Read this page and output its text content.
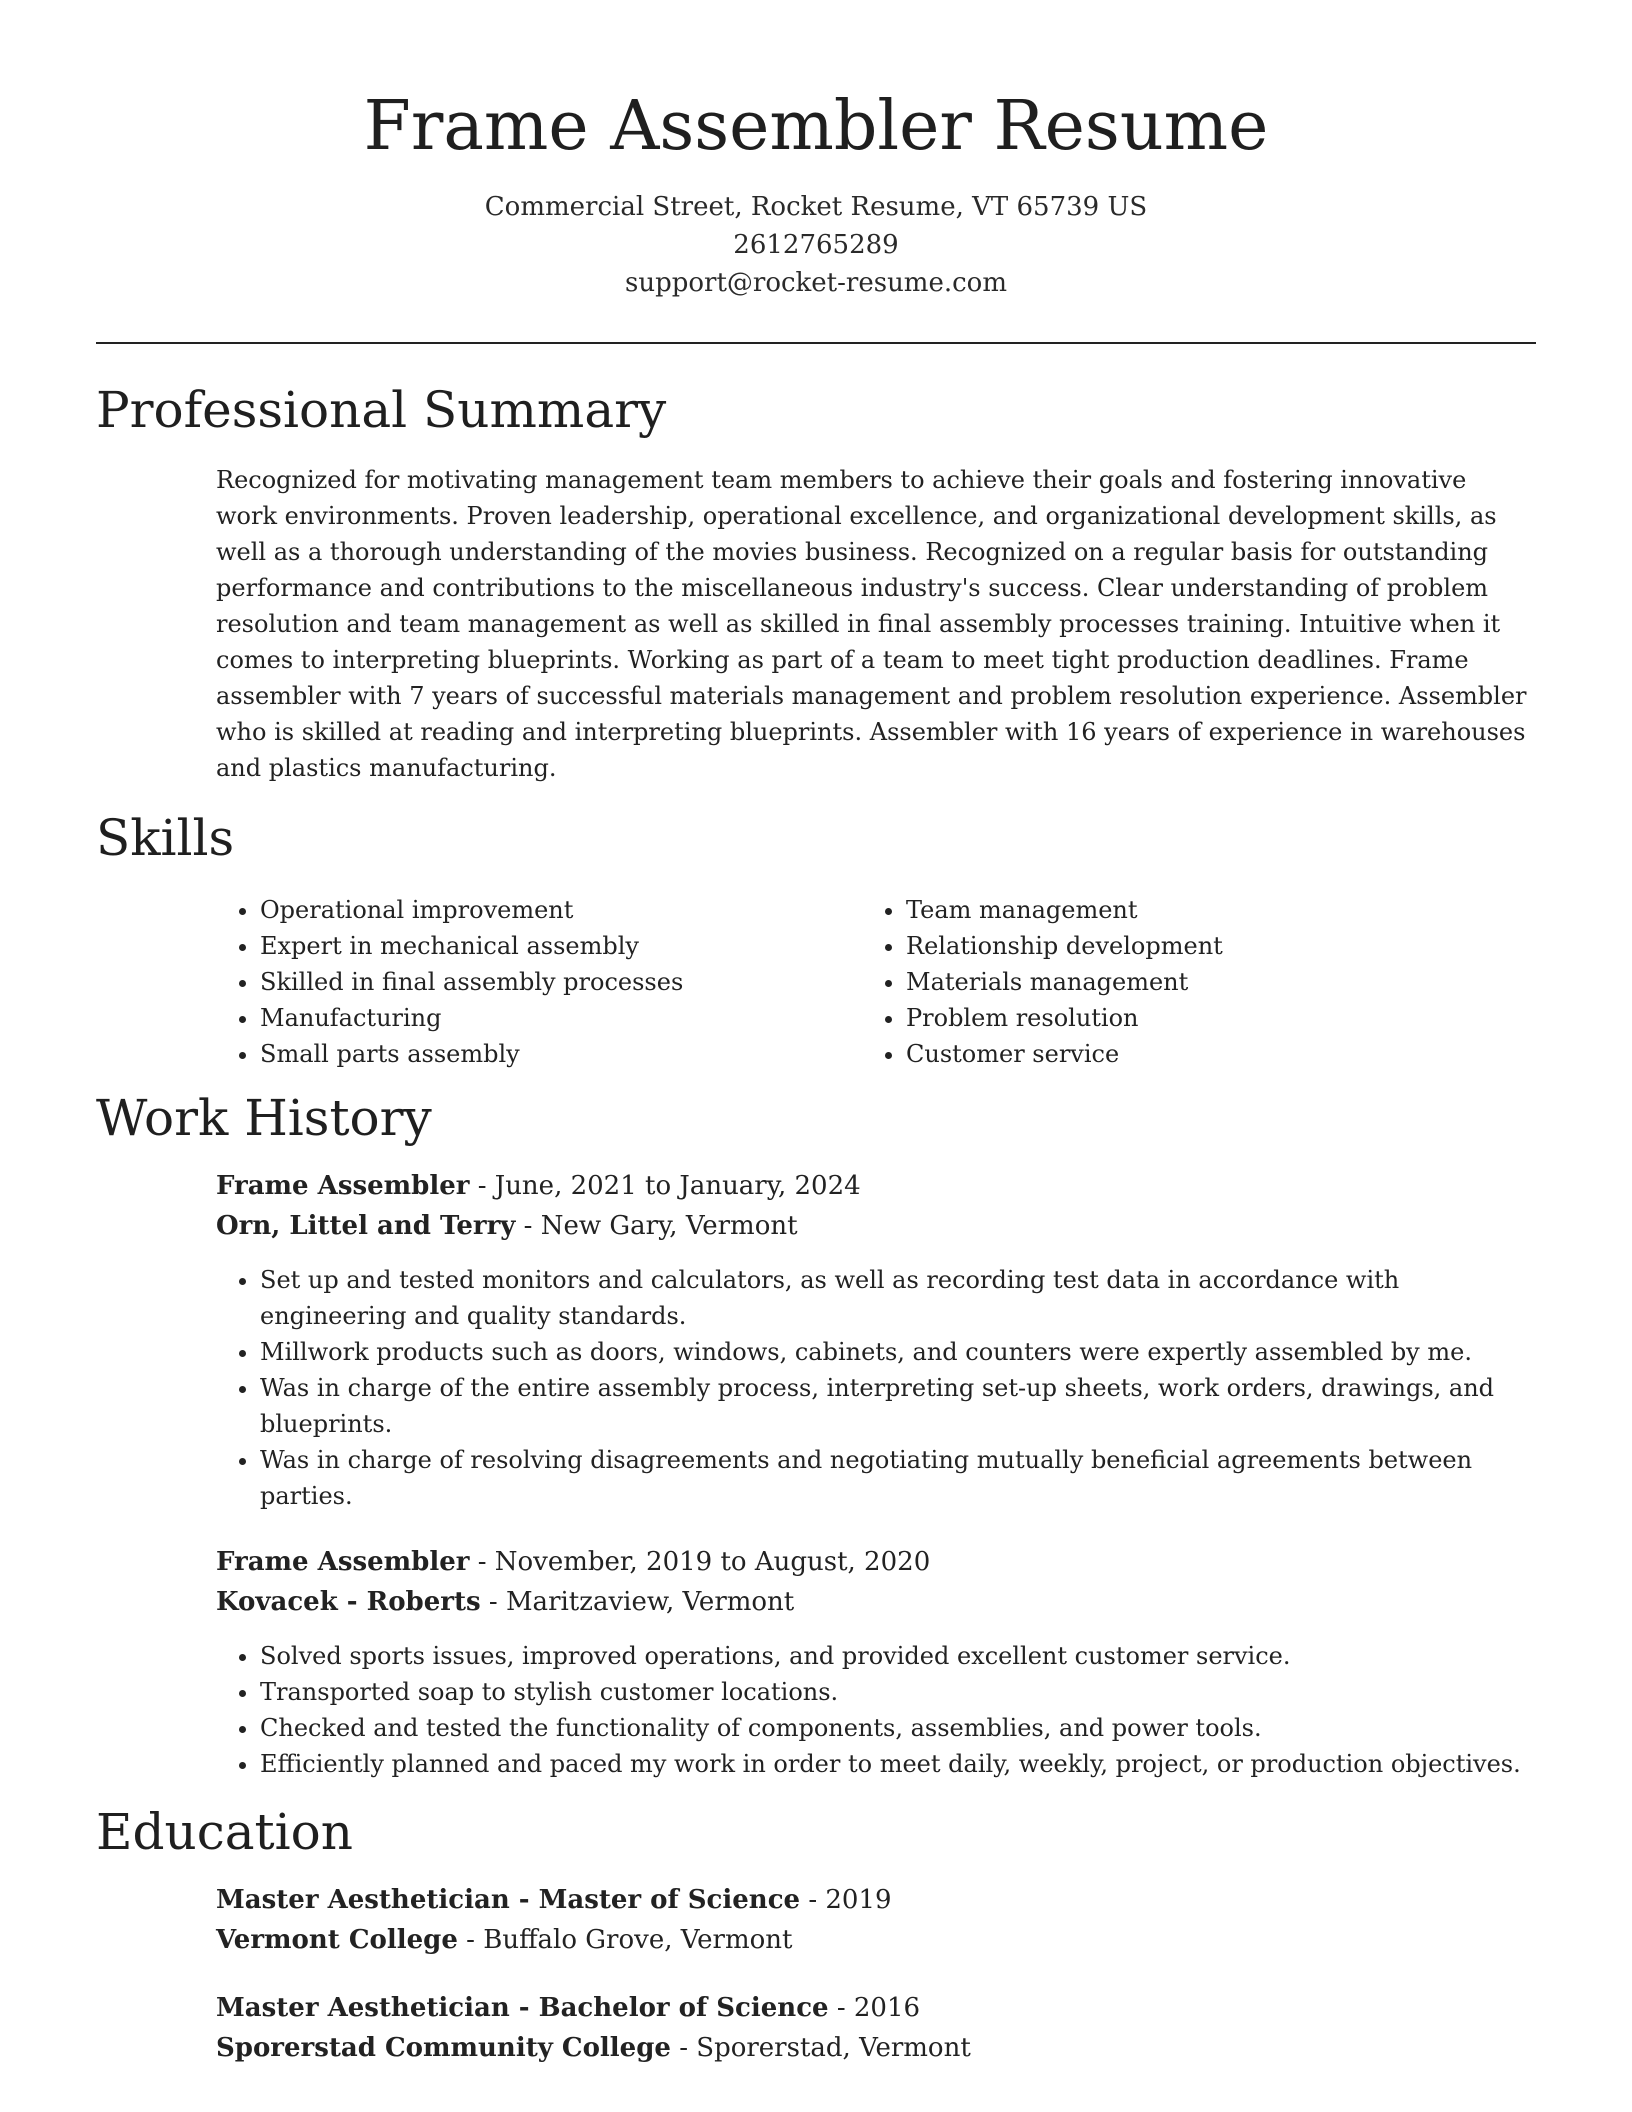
Frame Assembler Resume
Commercial Street, Rocket Resume, VT 65739 US
2612765289
support@rocket-resume.com
Professional Summary

Recognized for motivating management team members to achieve their goals and fostering innovative work environments. Proven leadership, operational excellence, and organizational development skills, as well as a thorough understanding of the movies business. Recognized on a regular basis for outstanding performance and contributions to the miscellaneous industry's success. Clear understanding of problem resolution and team management as well as skilled in final assembly processes training. Intuitive when it comes to interpreting blueprints. Working as part of a team to meet tight production deadlines. Frame assembler with 7 years of successful materials management and problem resolution experience. Assembler who is skilled at reading and interpreting blueprints. Assembler with 16 years of experience in warehouses and plastics manufacturing.

Skills
• Operational improvement
• Expert in mechanical assembly
• Skilled in final assembly processes
• Manufacturing
• Small parts assembly
• Team management
• Relationship development
• Materials management
• Problem resolution
• Customer service
Work History
Frame Assembler - June, 2021 to January, 2024
Orn, Littel and Terry - New Gary, Vermont
• Set up and tested monitors and calculators, as well as recording test data in accordance with engineering and quality standards.
• Millwork products such as doors, windows, cabinets, and counters were expertly assembled by me.
• Was in charge of the entire assembly process, interpreting set-up sheets, work orders, drawings, and blueprints.
• Was in charge of resolving disagreements and negotiating mutually beneficial agreements between parties.
Frame Assembler - November, 2019 to August, 2020
Kovacek - Roberts - Maritzaview, Vermont
• Solved sports issues, improved operations, and provided excellent customer service.
• Transported soap to stylish customer locations.
• Checked and tested the functionality of components, assemblies, and power tools.
• Efficiently planned and paced my work in order to meet daily, weekly, project, or production objectives.
Education
Master Aesthetician - Master of Science - 2019
Vermont College - Buffalo Grove, Vermont
Master Aesthetician - Bachelor of Science - 2016
Sporerstad Community College - Sporerstad, Vermont
